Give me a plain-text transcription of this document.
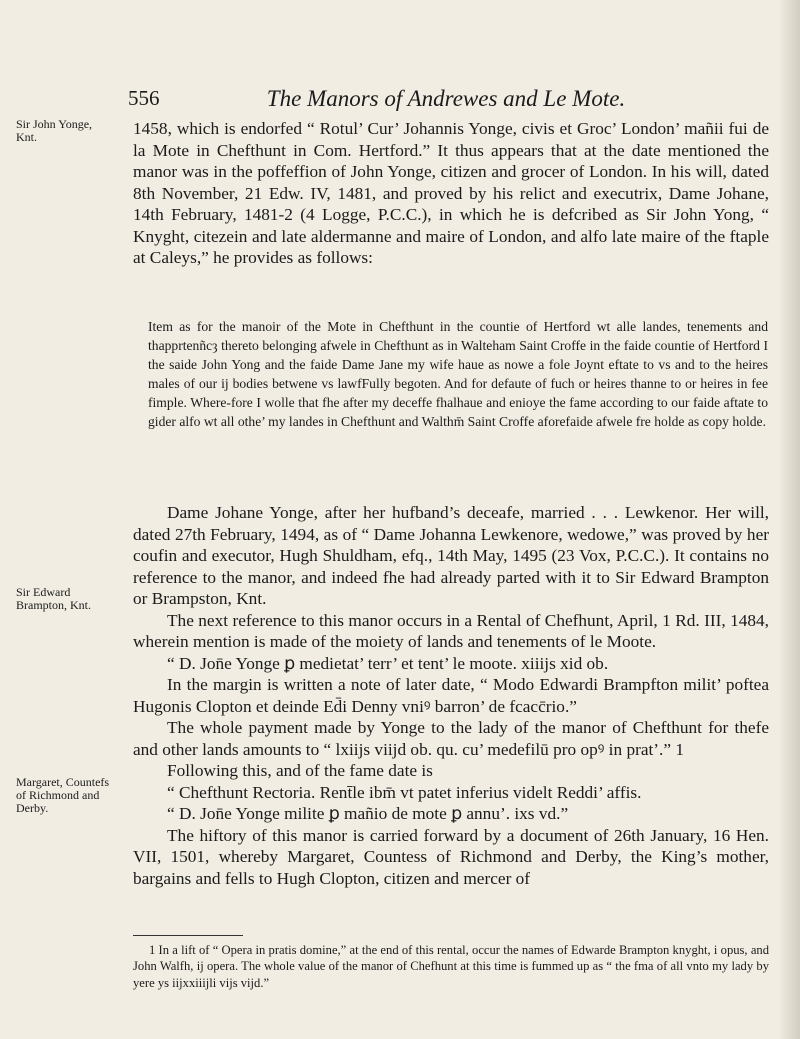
556	The Manors of Andrewes and Le Mote.
Sir John Yonge, Knt.
Sir Edward Brampton, Knt.
Margaret, Countefs of Richmond and Derby.

1458, which is endorfed “ Rotul’ Cur’ Johannis Yonge, civis et Groc’ London’ mañii fui de la Mote in Chefthunt in Com. Hertford.” It thus appears that at the date mentioned the manor was in the poffeffion of John Yonge, citizen and grocer of London. In his will, dated 8th November, 21 Edw. IV, 1481, and proved by his relict and executrix, Dame Johane, 14th February, 1481-2 (4 Logge, P.C.C.), in which he is defcribed as Sir John Yong, “ Knyght, citezein and late aldermanne and maire of London, and alfo late maire of the ftaple at Caleys,” he provides as follows:

Item as for the manoir of the Mote in Chefthunt in the countie of Hertford wt alle landes, tenements and thapprtenñcȝ thereto belonging afwele in Chefthunt as in Walteham Saint Croffe in the faide countie of Hertford I the saide John Yong and the faide Dame Jane my wife haue as nowe a fole Joynt eftate to vs and to the heires males of our ij bodies betwene vs lawfFully begoten. And for defaute of fuch or heires thanne to or heires in fee fimple. Where-fore I wolle that fhe after my deceffe fhalhaue and enioye the fame according to our faide aftate to gider alfo wt all othe’ my landes in Chefthunt and Walthm̄ Saint Croffe aforefaide afwele fre holde as copy holde.

Dame Johane Yonge, after her hufband’s deceafe, married . . . Lewkenor. Her will, dated 27th February, 1494, as of “ Dame Johanna Lewkenore, wedowe,” was proved by her coufin and executor, Hugh Shuldham, efq., 14th May, 1495 (23 Vox, P.C.C.). It contains no reference to the manor, and indeed fhe had already parted with it to Sir Edward Brampton or Brampston, Knt.

The next reference to this manor occurs in a Rental of Chefhunt, April, 1 Rd. III, 1484, wherein mention is made of the moiety of lands and tenements of le Moote.

“ D. Jon̄e Yonge ꝑ medietat’ terr’ et tent’ le moote. xiiijs xid ob.

In the margin is written a note of later date, “ Modo Edwardi Brampfton milit’ poftea Hugonis Clopton et deinde Ed̄i Denny vniꝰ barron’ de fcacc̄rio.”

The whole payment made by Yonge to the lady of the manor of Chefthunt for thefe and other lands amounts to “ lxiijs viijd ob. qu. cu’ medefilū pro opꝰ in prat’.” 1

Following this, and of the fame date is

“ Chefthunt Rectoria. Rent̄le ibm̄ vt patet inferius videlt Reddi’ affis.

“ D. Jon̄e Yonge milite ꝑ mañio de mote ꝑ annu’. ixs vd.”

The hiftory of this manor is carried forward by a document of 26th January, 16 Hen. VII, 1501, whereby Margaret, Countess of Richmond and Derby, the King’s mother, bargains and fells to Hugh Clopton, citizen and mercer of

1 In a lift of “ Opera in pratis domine,” at the end of this rental, occur the names of Edwarde Brampton knyght, i opus, and John Walfh, ij opera. The whole value of the manor of Chefhunt at this time is fummed up as “ the fma of all vnto my lady by yere ys iijxxiiijli vijs vijd.”
